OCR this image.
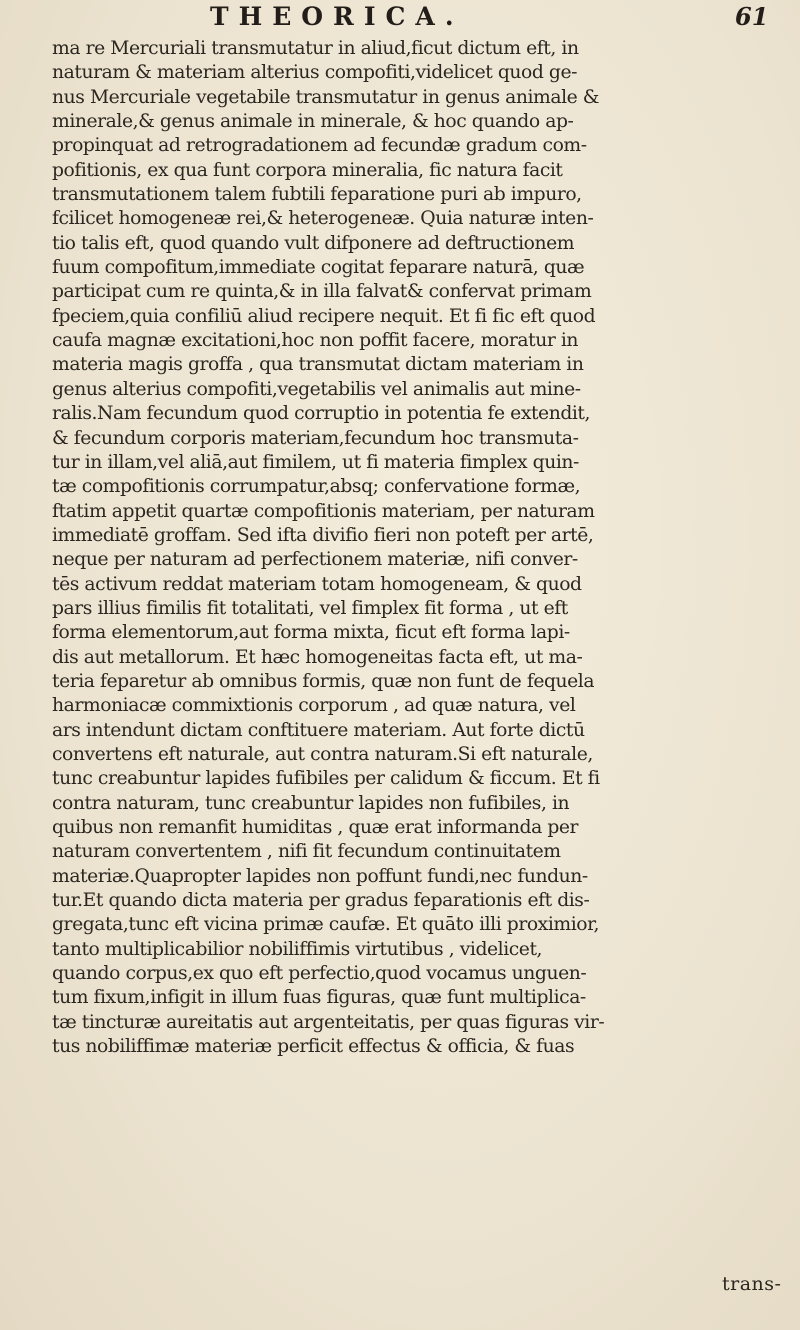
THEORICA.	61
ma re Mercuriali transmutatur in aliud,ficut dictum eft, in
naturam & materiam alterius compofiti,videlicet quod ge-
nus Mercuriale vegetabile transmutatur in genus animale &
minerale,& genus animale in minerale, & hoc quando ap-
propinquat ad retrogradationem ad fecundæ gradum com-
pofitionis, ex qua funt corpora mineralia, fic natura facit
transmutationem talem fubtili feparatione puri ab impuro,
fcilicet homogeneæ rei,& heterogeneæ. Quia naturæ inten-
tio talis eft, quod quando vult difponere ad deftructionem
fuum compofitum,immediate cogitat feparare naturā, quæ
participat cum re quinta,& in illa falvat& confervat primam
fpeciem,quia confiliū aliud recipere nequit. Et fi fic eft quod
caufa magnæ excitationi,hoc non poffit facere, moratur in
materia magis groffa , qua transmutat dictam materiam in
genus alterius compofiti,vegetabilis vel animalis aut mine-
ralis.Nam fecundum quod corruptio in potentia fe extendit,
& fecundum corporis materiam,fecundum hoc transmuta-
tur in illam,vel aliā,aut fimilem, ut fi materia fimplex quin-
tæ compofitionis corrumpatur,absq; confervatione formæ,
ftatim appetit quartæ compofitionis materiam, per naturam
immediatē groffam. Sed ifta divifio fieri non poteft per artē,
neque per naturam ad perfectionem materiæ, nifi conver-
tēs activum reddat materiam totam homogeneam, & quod
pars illius fimilis fit totalitati, vel fimplex fit forma , ut eft
forma elementorum,aut forma mixta, ficut eft forma lapi-
dis aut metallorum. Et hæc homogeneitas facta eft, ut ma-
teria feparetur ab omnibus formis, quæ non funt de fequela
harmoniacæ commixtionis corporum , ad quæ natura, vel
ars intendunt dictam conftituere materiam. Aut forte dictū
convertens eft naturale, aut contra naturam.Si eft naturale,
tunc creabuntur lapides fufibiles per calidum & ficcum. Et fi
contra naturam, tunc creabuntur lapides non fufibiles, in
quibus non remanfit humiditas , quæ erat informanda per
naturam convertentem , nifi fit fecundum continuitatem
materiæ.Quapropter lapides non poffunt fundi,nec fundun-
tur.Et quando dicta materia per gradus feparationis eft dis-
gregata,tunc eft vicina primæ caufæ. Et quāto illi proximior,
tanto multiplicabilior nobiliffimis virtutibus , videlicet,
quando corpus,ex quo eft perfectio,quod vocamus unguen-
tum fixum,infigit in illum fuas figuras, quæ funt multiplica-
tæ tincturæ aureitatis aut argenteitatis, per quas figuras vir-
tus nobiliffimæ materiæ perficit effectus & officia, & fuas
trans-
